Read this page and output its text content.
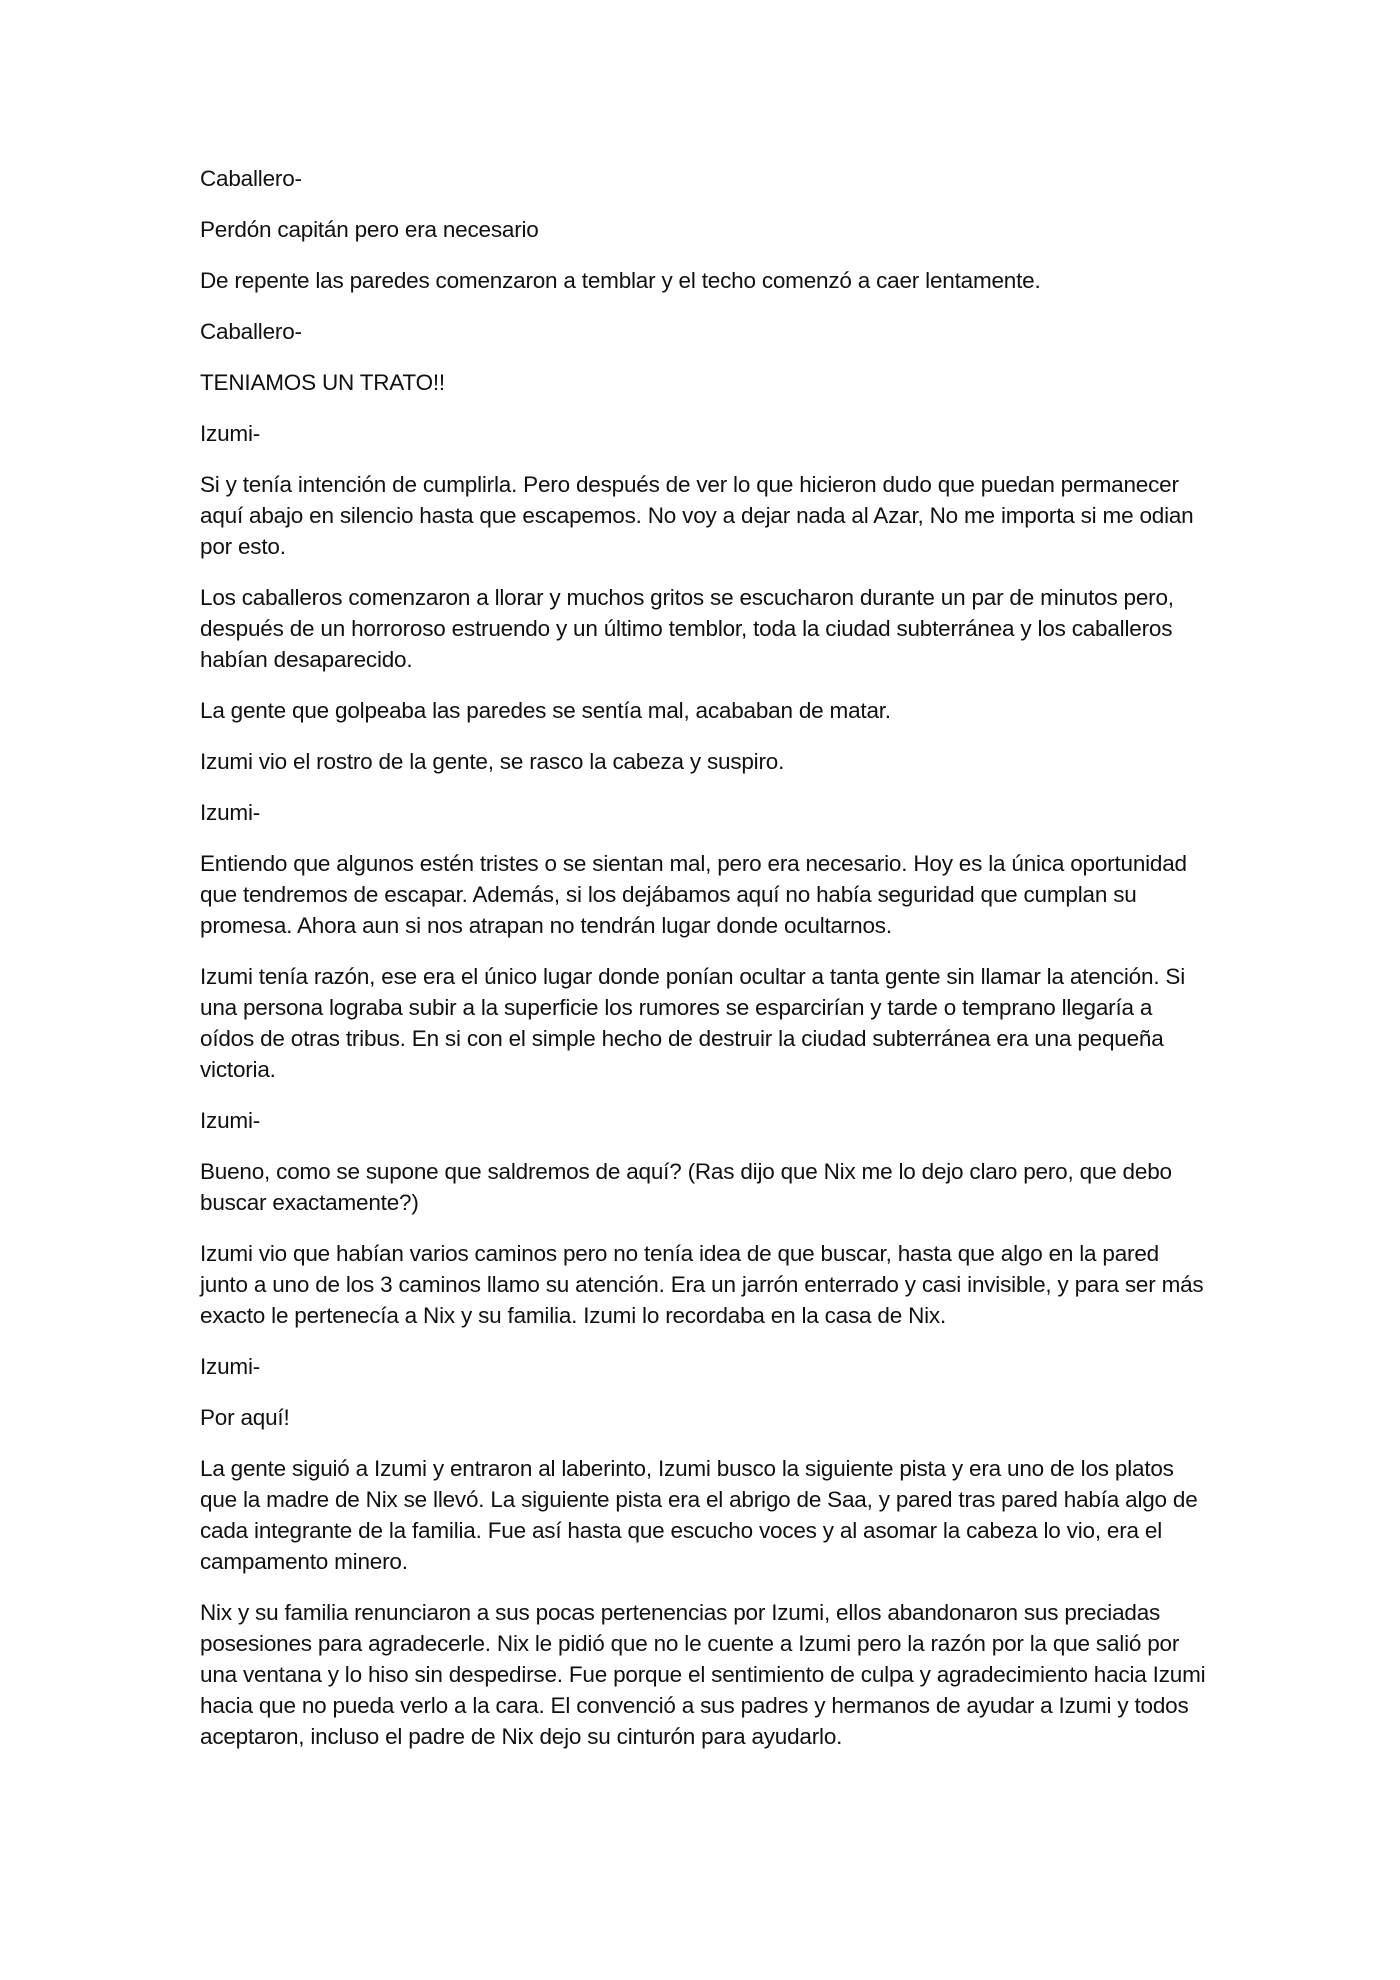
Caballero-

Perdón capitán pero era necesario

De repente las paredes comenzaron a temblar y el techo comenzó a caer lentamente.

Caballero-

TENIAMOS UN TRATO!!

Izumi-

Si y tenía intención de cumplirla. Pero después de ver lo que hicieron dudo que puedan permanecer aquí abajo en silencio hasta que escapemos. No voy a dejar nada al Azar, No me importa si me odian por esto.

Los caballeros comenzaron a llorar y muchos gritos se escucharon durante un par de minutos pero, después de un horroroso estruendo y un último temblor, toda la ciudad subterránea y los caballeros habían desaparecido.

La gente que golpeaba las paredes se sentía mal, acababan de matar.

Izumi vio el rostro de la gente, se rasco la cabeza y suspiro.

Izumi-

Entiendo que algunos estén tristes o se sientan mal, pero era necesario. Hoy es la única oportunidad que tendremos de escapar. Además, si los dejábamos aquí no había seguridad que cumplan su promesa. Ahora aun si nos atrapan no tendrán lugar donde ocultarnos.

Izumi tenía razón, ese era el único lugar donde ponían ocultar a tanta gente sin llamar la atención. Si una persona lograba subir a la superficie los rumores se esparcirían y tarde o temprano llegaría a oídos de otras tribus. En si con el simple hecho de destruir la ciudad subterránea era una pequeña victoria.

Izumi-

Bueno, como se supone que saldremos de aquí? (Ras dijo que Nix me lo dejo claro pero, que debo buscar exactamente?)

Izumi vio que habían varios caminos pero no tenía idea de que buscar, hasta que algo en la pared junto a uno de los 3 caminos llamo su atención. Era un jarrón enterrado y casi invisible, y para ser más exacto le pertenecía a Nix y su familia. Izumi lo recordaba en la casa de Nix.

Izumi-

Por aquí!

La gente siguió a Izumi y entraron al laberinto, Izumi busco la siguiente pista y era uno de los platos que la madre de Nix se llevó. La siguiente pista era el abrigo de Saa, y pared tras pared había algo de cada integrante de la familia. Fue así hasta que escucho voces y al asomar la cabeza lo vio, era el campamento minero.

Nix y su familia renunciaron a sus pocas pertenencias por Izumi, ellos abandonaron sus preciadas posesiones para agradecerle. Nix le pidió que no le cuente a Izumi pero la razón por la que salió por una ventana y lo hiso sin despedirse. Fue porque el sentimiento de culpa y agradecimiento hacia Izumi hacia que no pueda verlo a la cara. El convenció a sus padres y hermanos de ayudar a Izumi y todos aceptaron, incluso el padre de Nix dejo su cinturón para ayudarlo.
